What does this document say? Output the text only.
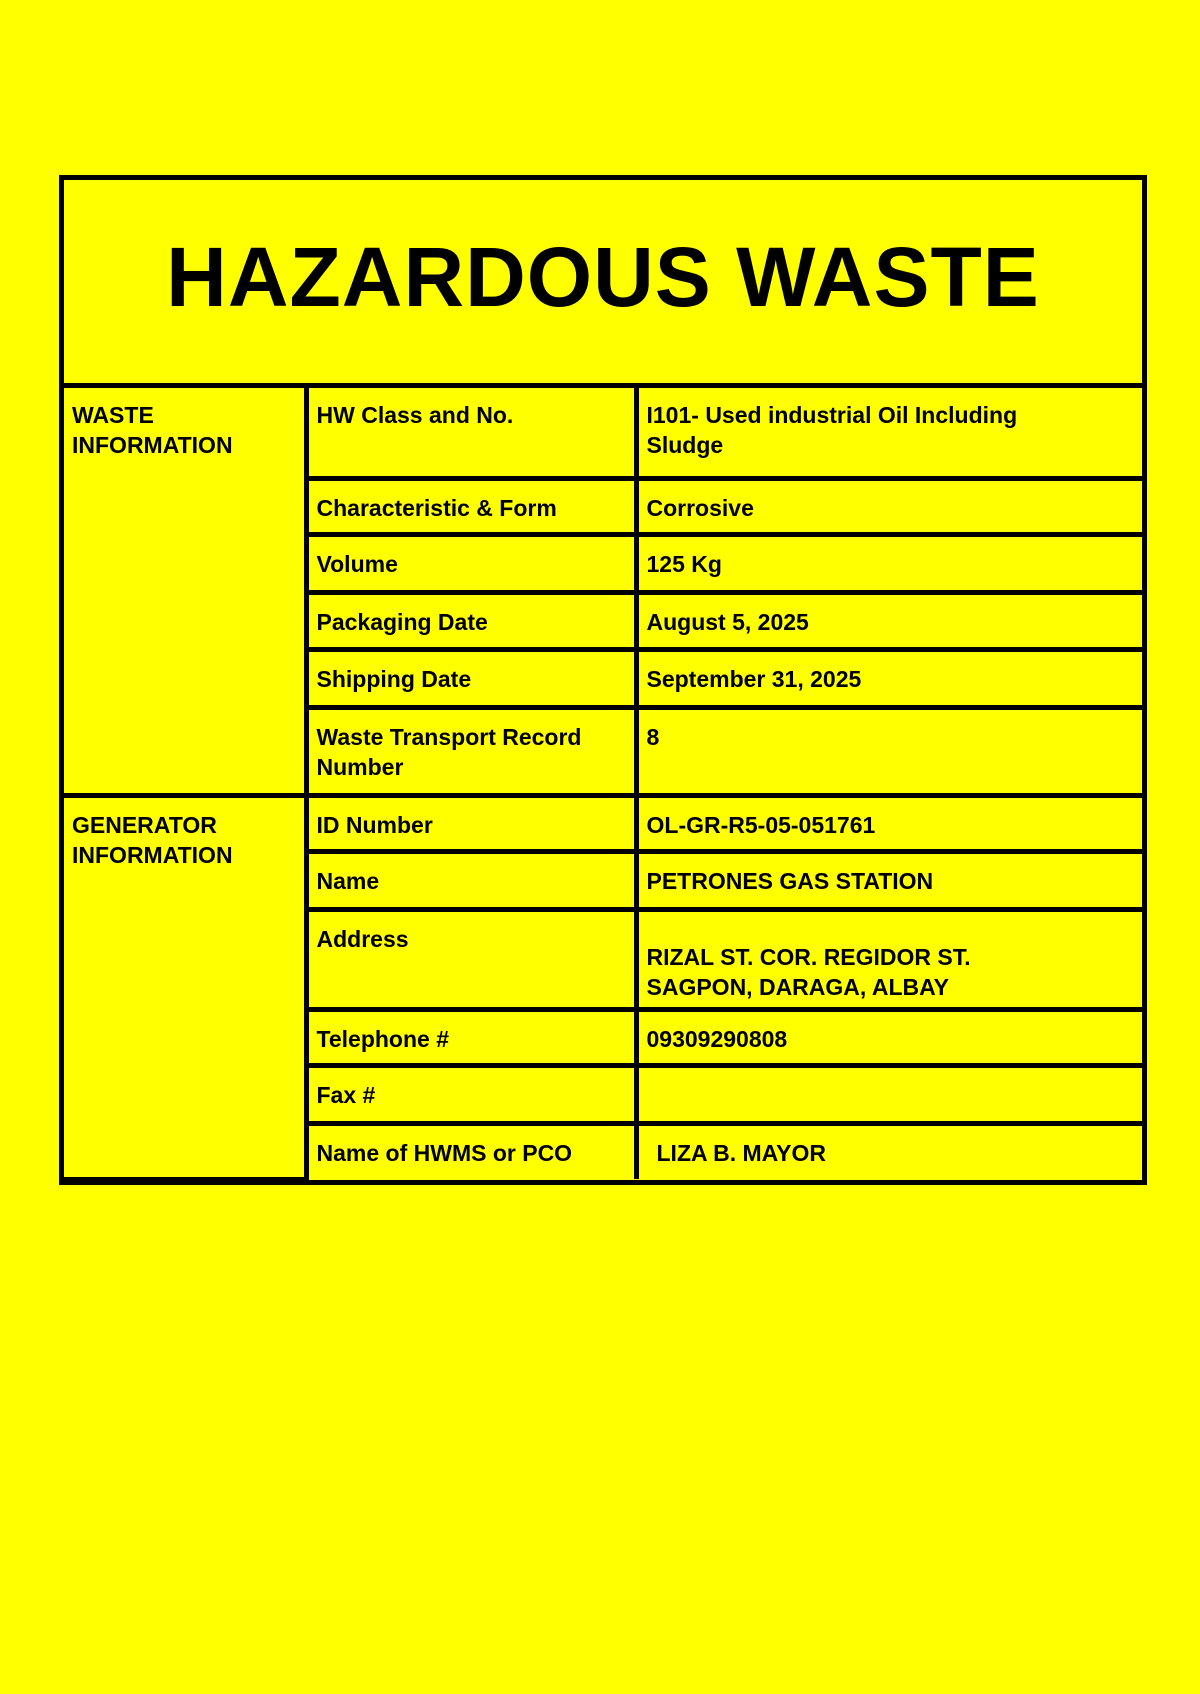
HAZARDOUS WASTE
WASTE
INFORMATION	HW Class and No.	I101- Used industrial Oil Including
Sludge
	Characteristic & Form	Corrosive
	Volume	125 Kg
	Packaging Date	August 5, 2025
	Shipping Date	September 31, 2025
	Waste Transport Record
Number	8
GENERATOR
INFORMATION	ID Number	OL-GR-R5-05-051761
	Name	PETRONES GAS STATION
	Address	RIZAL ST. COR. REGIDOR ST.
SAGPON, DARAGA, ALBAY
	Telephone #	09309290808
	Fax #	
	Name of HWMS or PCO	LIZA B. MAYOR
